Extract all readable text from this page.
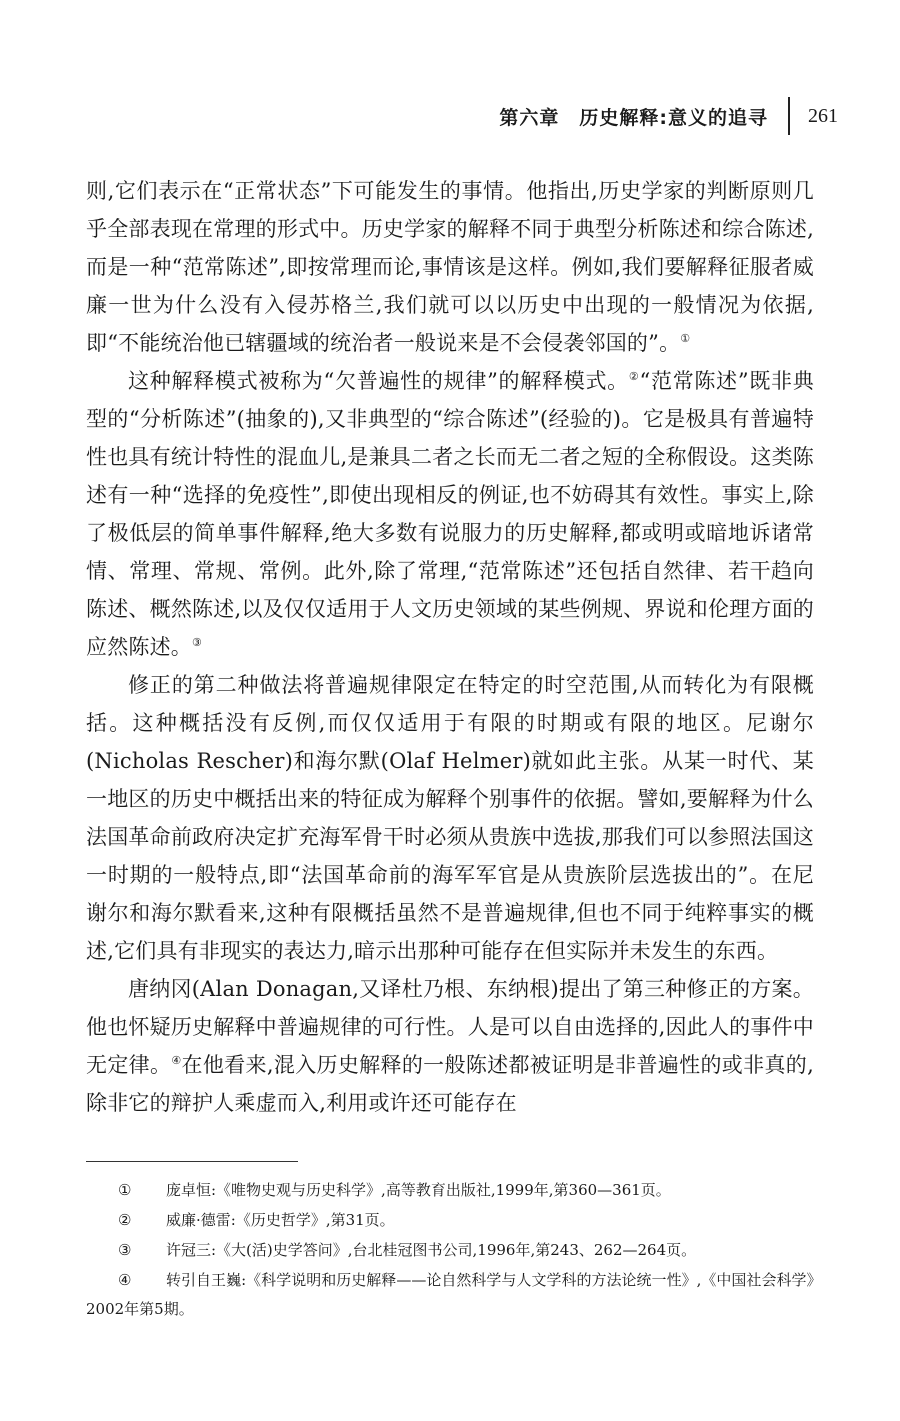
第六章　历史解释:意义的追寻 261

则,它们表示在“正常状态”下可能发生的事情。他指出,历史学家的判断原则几乎全部表现在常理的形式中。历史学家的解释不同于典型分析陈述和综合陈述,而是一种“范常陈述”,即按常理而论,事情该是这样。例如,我们要解释征服者威廉一世为什么没有入侵苏格兰,我们就可以以历史中出现的一般情况为依据,即“不能统治他已辖疆域的统治者一般说来是不会侵袭邻国的”。①

这种解释模式被称为“欠普遍性的规律”的解释模式。②“范常陈述”既非典型的“分析陈述”(抽象的),又非典型的“综合陈述”(经验的)。它是极具有普遍特性也具有统计特性的混血儿,是兼具二者之长而无二者之短的全称假设。这类陈述有一种“选择的免疫性”,即使出现相反的例证,也不妨碍其有效性。事实上,除了极低层的简单事件解释,绝大多数有说服力的历史解释,都或明或暗地诉诸常情、常理、常规、常例。此外,除了常理,“范常陈述”还包括自然律、若干趋向陈述、概然陈述,以及仅仅适用于人文历史领域的某些例规、界说和伦理方面的应然陈述。③

修正的第二种做法将普遍规律限定在特定的时空范围,从而转化为有限概括。这种概括没有反例,而仅仅适用于有限的时期或有限的地区。尼谢尔(Nicholas Rescher)和海尔默(Olaf Helmer)就如此主张。从某一时代、某一地区的历史中概括出来的特征成为解释个别事件的依据。譬如,要解释为什么法国革命前政府决定扩充海军骨干时必须从贵族中选拔,那我们可以参照法国这一时期的一般特点,即“法国革命前的海军军官是从贵族阶层选拔出的”。在尼谢尔和海尔默看来,这种有限概括虽然不是普遍规律,但也不同于纯粹事实的概述,它们具有非现实的表达力,暗示出那种可能存在但实际并未发生的东西。

唐纳冈(Alan Donagan,又译杜乃根、东纳根)提出了第三种修正的方案。他也怀疑历史解释中普遍规律的可行性。人是可以自由选择的,因此人的事件中无定律。④在他看来,混入历史解释的一般陈述都被证明是非普遍性的或非真的,除非它的辩护人乘虚而入,利用或许还可能存在

① 庞卓恒:《唯物史观与历史科学》,高等教育出版社,1999年,第360—361页。
② 威廉·德雷:《历史哲学》,第31页。
③ 许冠三:《大(活)史学答问》,台北桂冠图书公司,1996年,第243、262—264页。
④ 转引自王巍:《科学说明和历史解释——论自然科学与人文学科的方法论统一性》,《中国社会科学》2002年第5期。
